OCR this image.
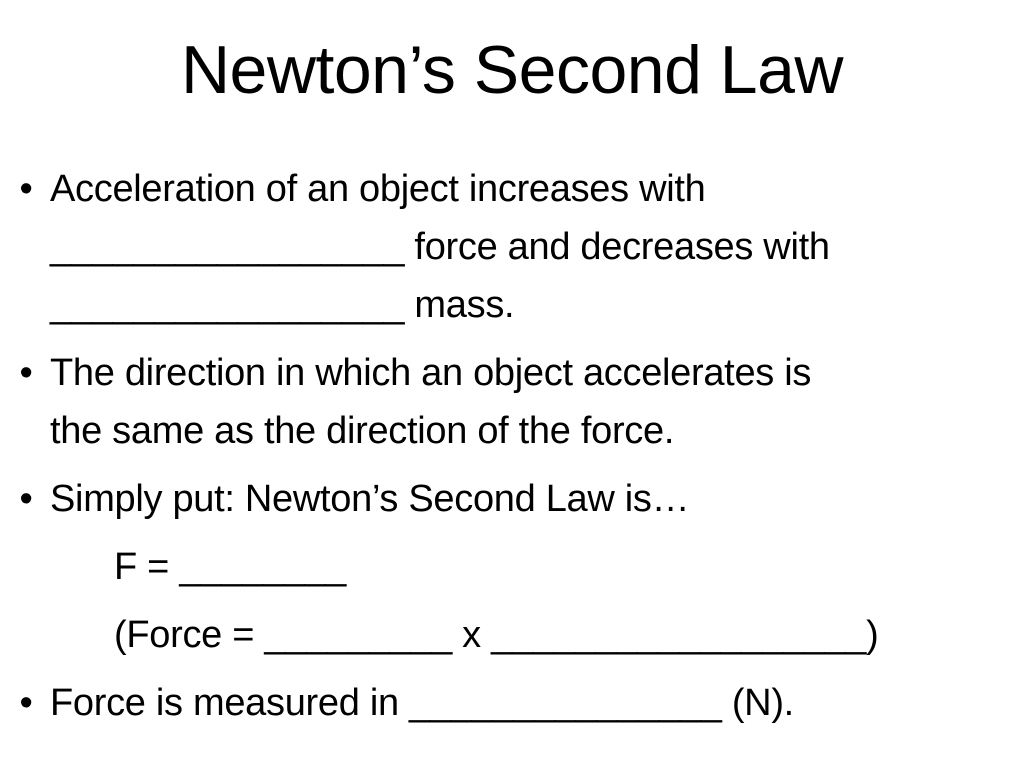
Newton’s Second Law
• Acceleration of an object increases with
_________________ force and decreases with
_________________ mass.
• The direction in which an object accelerates is
the same as the direction of the force.
• Simply put: Newton’s Second Law is…
F = ________
(Force = _________ x __________________)
• Force is measured in _______________ (N).
